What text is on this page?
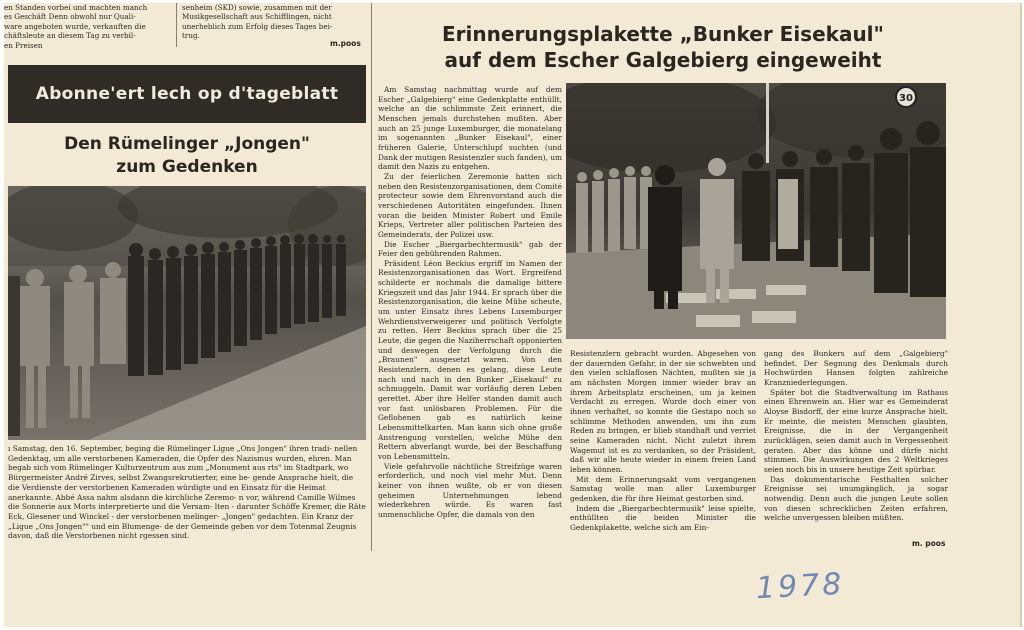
en Standen vorbei und machten manch

es Geschäft Denn obwohl nur Quali-

ware angeboten wurde, verkauften die

chäftsleute an diesem Tag zu verbil-

en Preisen

senheim (SKD) sowie, zusammen mit der

Musikgesellschaft aus Schifflingen, nicht

unerheblich zum Erfolg dieses Tages bei-

trug.

m.poos
Abonne'ert lech op d'tageblatt
Den Rümelinger „Jongen"
zum Gedenken
ı Samstag, den 16. September, beging die Rümelinger Ligue „Ons Jongen" ihren tradi- nellen Gedenktag, um alle verstorbenen Kameraden, die Opfer des Nazismus wurden, ehren. Man begab sich vom Rümelinger Kulturzentrum aus zum „Monument aus rts" im Stadtpark, wo Bürgermeister André Zirves, selbst Zwangsrekrutierter, eine be- gende Ansprache hielt, die die Verdienste der verstorbenen Kameraden würdigte und en Einsatz für die Heimat anerkannte. Abbé Assa nahm alsdann die kirchliche Zeremo- n vor, während Camille Wilmes die Sonnerie aux Morts interpretierte und die Versam- lten - darunter Schöffe Kremer, die Räte Eck, Glesener und Winckel - der verstorbenen melinger- „Jongen" gedachten. Ein Kranz der „Ligue „Ons Jongen"" und ein Blumenge- de der Gemeinde geben vor dem Totenmal Zeugnis davon, daß die Verstorbenen nicht rgessen sind.
Erinnerungsplakette „Bunker Eisekaul"
auf dem Escher Galgebierg eingeweiht
30

Am Samstag nachmittag wurde auf dem Escher „Galgebierg" eine Gedenkplatte enthüllt, welche an die schlimmste Zeit erinnert, die Menschen jemals durchstehen mußten. Aber auch an 25 junge Luxemburger, die monatelang im sogenannten „Bunker Eisekaul", einer früheren Galerie, Unterschlupf suchten (und Dank der mutigen Resistenzler such fanden), um damit den Nazis zu entgehen.

Zu der feierlichen Zeremonie hatten sich neben den Resistenzorganisationen, dem Comité protecteur sowie dem Ehrenvorstand auch die verschiedenen Autoritäten eingefunden. Ihnen voran die beiden Minister Robert und Emile Krieps, Vertreter aller politischen Parteien des Gemeinderats, der Polizei usw.

Die Escher „Biergarbechtermusik" gab der Feier den gebührenden Rahmen.

Präsident Léon Beckius ergriff im Namen der Resistenzorganisationen das Wort. Ergreifend schilderte er nochmals die damalige bittere Kriegszeit und das Jahr 1944. Er sprach über die Resistenzorganisation, die keine Mühe scheute, um unter Einsatz ihres Lebens Luxemburger Wehrdienstverweigerer und politisch Verfolgte zu retten. Herr Beckius sprach über die 25 Leute, die gegen die Naziherrschaft opponierten und deswegen der Verfolgung durch die „Braunen" ausgesetzt waren. Von den Resistenzlern, denen es gelang, diese Leute nach und nach in den Bunker „Eisekaul" zu schmuggeln. Damit war vorläufig deren Leben gerettet. Aber ihre Helfer standen damit auch vor fast unlösbaren Problemen. Für die Geflohenen gab es natürlich keine Lebensmittelkarten. Man kann sich ohne große Anstrengung vorstellen, welche Mühe den Rettern abverlangt wurde, bei der Beschaffung von Lebensmitteln.

Viele gefahrvolle nächtliche Streifzüge waren erforderlich, und noch viel mehr Mut. Denn keiner von ihnen wußte, ob er von diesen geheimen Unternehmungen lebend wiederkehren würde. Es waren fast unmenschliche Opfer, die damals von den

Resistenzlern gebracht wurden. Abgesehen von der dauernden Gefahr, in der sie schwebten und den vielen schlaflosen Nächten, mußten sie ja am nächsten Morgen immer wieder brav an ihrem Arbeitsplatz erscheinen, um ja keinen Verdacht zu erregen. Wurde doch einer von ihnen verhaftet, so konnte die Gestapo noch so schlimme Methoden anwenden, um ihn zum Reden zu bringen, er blieb standhaft und verriet seine Kameraden nicht. Nicht zuletzt ihrem Wagemut ist es zu verdanken, so der Präsident, daß wir alle heute wieder in einem freien Land leben können.

Mit dem Erinnerungsakt vom vergangenen Samstag wolle man aller Luxemburger gedenken, die für ihre Heimat gestorben sind.

Indem die „Biergarbechtermusik" leise spielte, enthüllten die beiden Minister die Gedenkplakette, welche sich am Ein-

gang des Bunkers auf dem „Galgebierg" befindet. Der Segnung des Denkmals durch Hochwürden Hansen folgten zahlreiche Kranzniederlegungen.

Später bot die Stadtverwaltung im Rathaus einen Ehrenwein an. Hier war es Gemeinderat Aloyse Bisdorff, der eine kurze Ansprache hielt. Er meinte, die meisten Menschen glaubten, Ereignisse, die in der Vergangenheit zurücklägen, seien damit auch in Vergessenheit geraten. Aber das könne und dürfe nicht stimmen. Die Auswirkungen des 2 Weltkrieges seien noch bis in unsere heutige Zeit spürbar.

Das dokumentarische Festhalten solcher Ereignisse sei unumgänglich, ja sogar notwendig. Denn auch die jungen Leute sollen von diesen schrecklichen Zeiten erfahren, welche unvergessen bleiben müßten.

m. poos
1978
